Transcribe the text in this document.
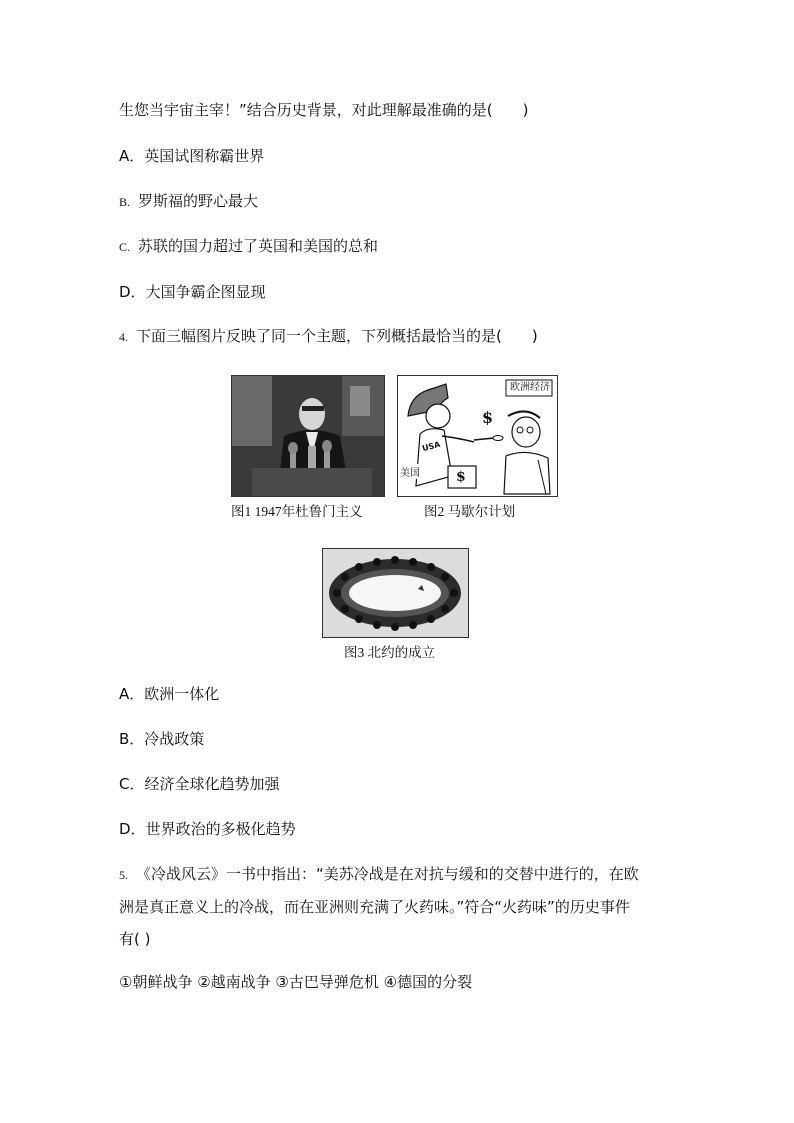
生您当宇宙主宰！”结合历史背景，对此理解最准确的是(　　)
A．英国试图称霸世界
B. 罗斯福的野心最大
C. 苏联的国力超过了英国和美国的总和
D．大国争霸企图显现
4. 下面三幅图片反映了同一个主题，下列概括最恰当的是(　　)
欧洲经济
$
$
USA
美国
图1 1947年杜鲁门主义	图2 马歇尔计划
图3 北约的成立
A．欧洲一体化
B．冷战政策
C．经济全球化趋势加强
D．世界政治的多极化趋势
5. 《冷战风云》一书中指出：“美苏冷战是在对抗与缓和的交替中进行的，在欧
洲是真正意义上的冷战，而在亚洲则充满了火药味。”符合“火药味”的历史事件
有( )
①朝鲜战争 ②越南战争 ③古巴导弹危机 ④德国的分裂
